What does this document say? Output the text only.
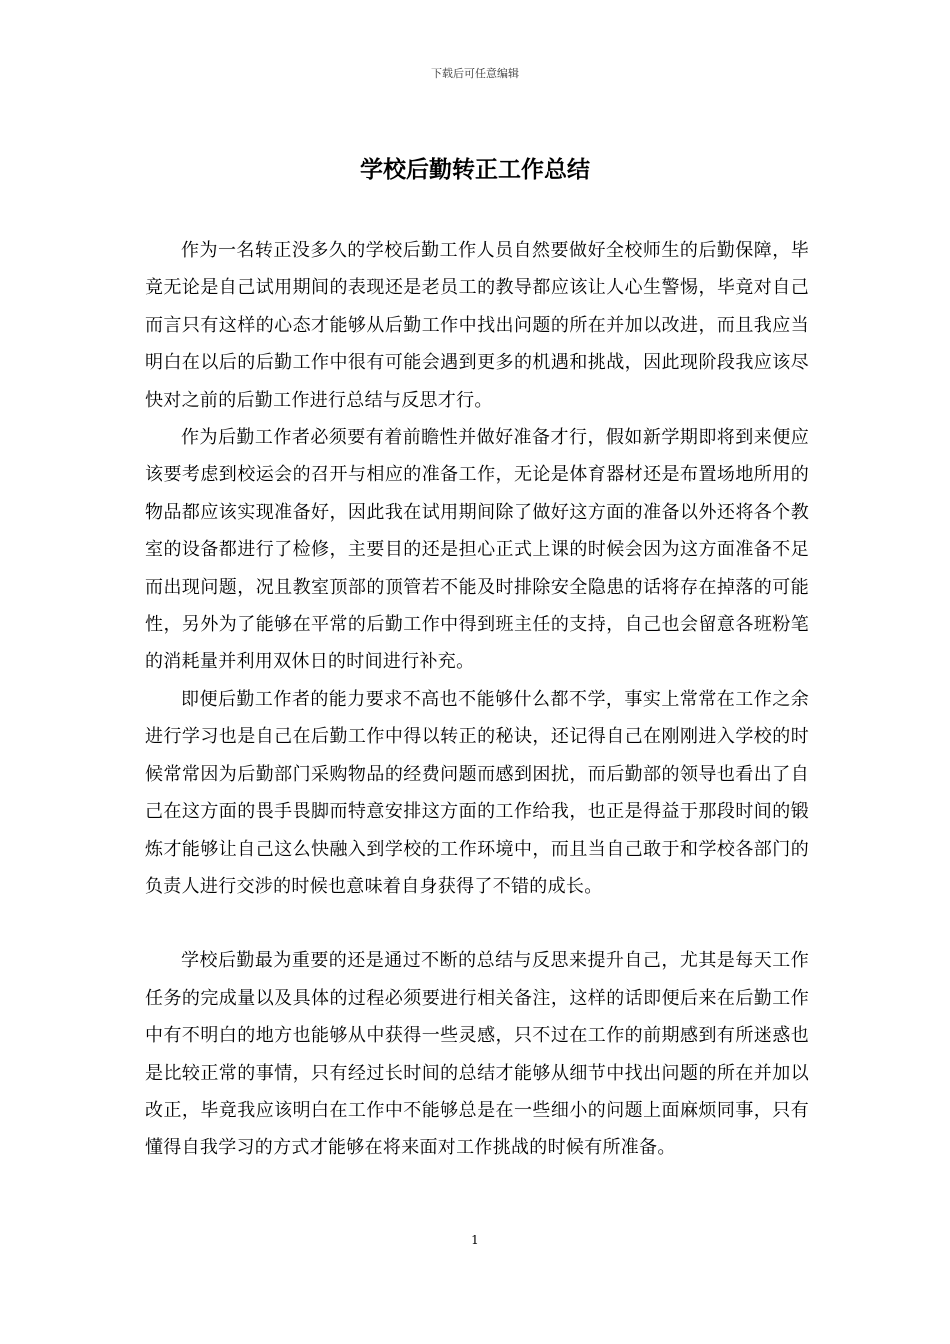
下载后可任意编辑
学校后勤转正工作总结

作为一名转正没多久的学校后勤工作人员自然要做好全校师生的后勤保障，毕竟无论是自己试用期间的表现还是老员工的教导都应该让人心生警惕，毕竟对自己而言只有这样的心态才能够从后勤工作中找出问题的所在并加以改进，而且我应当明白在以后的后勤工作中很有可能会遇到更多的机遇和挑战，因此现阶段我应该尽快对之前的后勤工作进行总结与反思才行。

作为后勤工作者必须要有着前瞻性并做好准备才行，假如新学期即将到来便应该要考虑到校运会的召开与相应的准备工作，无论是体育器材还是布置场地所用的物品都应该实现准备好，因此我在试用期间除了做好这方面的准备以外还将各个教室的设备都进行了检修，主要目的还是担心正式上课的时候会因为这方面准备不足而出现问题，况且教室顶部的顶管若不能及时排除安全隐患的话将存在掉落的可能性，另外为了能够在平常的后勤工作中得到班主任的支持，自己也会留意各班粉笔的消耗量并利用双休日的时间进行补充。

即便后勤工作者的能力要求不高也不能够什么都不学，事实上常常在工作之余进行学习也是自己在后勤工作中得以转正的秘诀，还记得自己在刚刚进入学校的时候常常因为后勤部门采购物品的经费问题而感到困扰，而后勤部的领导也看出了自己在这方面的畏手畏脚而特意安排这方面的工作给我，也正是得益于那段时间的锻炼才能够让自己这么快融入到学校的工作环境中，而且当自己敢于和学校各部门的负责人进行交涉的时候也意味着自身获得了不错的成长。

学校后勤最为重要的还是通过不断的总结与反思来提升自己，尤其是每天工作任务的完成量以及具体的过程必须要进行相关备注，这样的话即便后来在后勤工作中有不明白的地方也能够从中获得一些灵感，只不过在工作的前期感到有所迷惑也是比较正常的事情，只有经过长时间的总结才能够从细节中找出问题的所在并加以改正，毕竟我应该明白在工作中不能够总是在一些细小的问题上面麻烦同事，只有懂得自我学习的方式才能够在将来面对工作挑战的时候有所准备。

1
